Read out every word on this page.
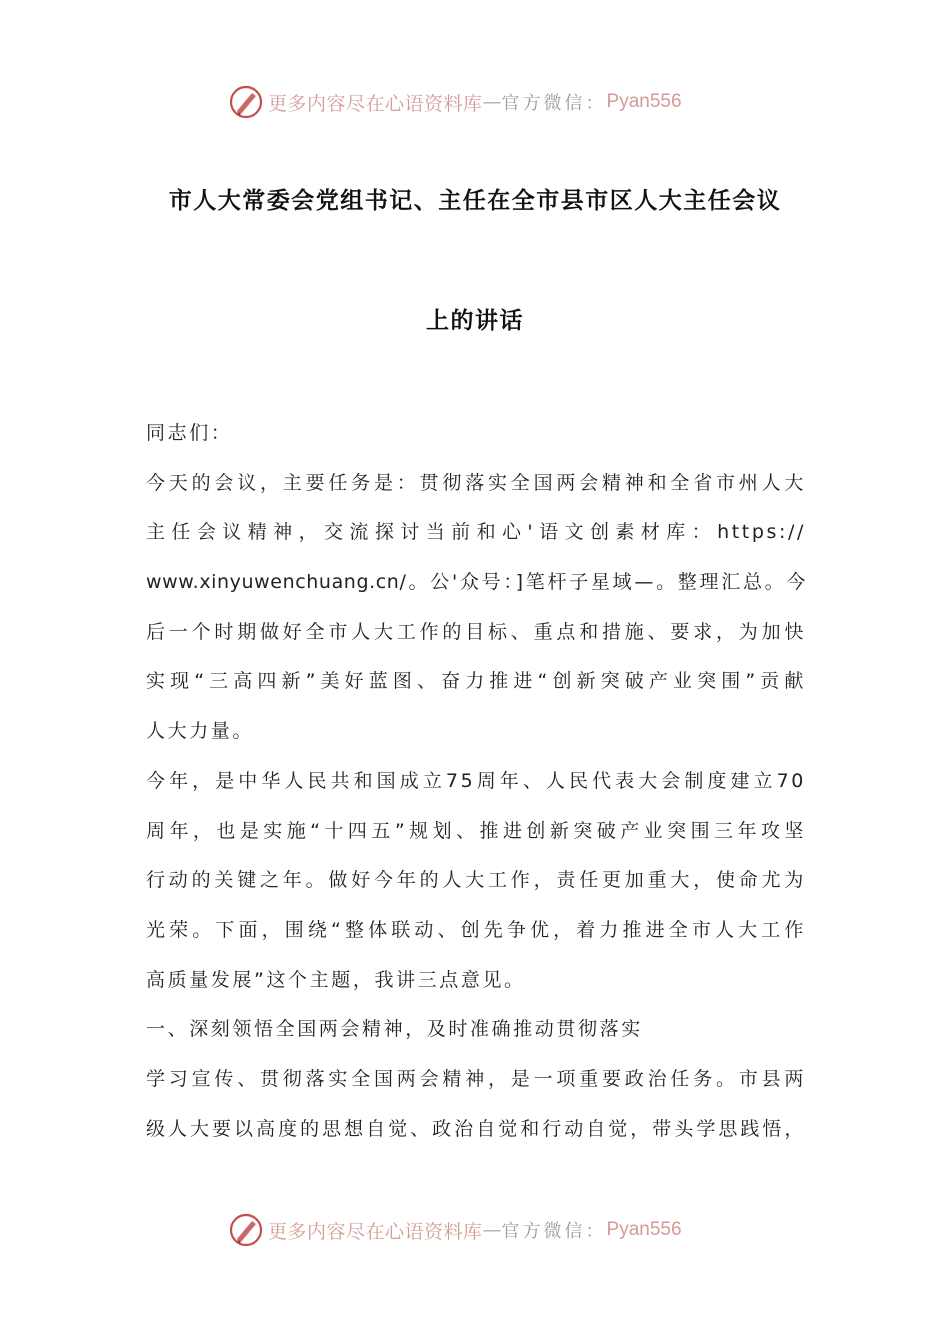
更多内容尽在心语资料库 — 官方微信： Pyan556
市人大常委会党组书记、主任在全市县市区人大主任会议
上的讲话
同志们：
今天的会议，主要任务是：贯彻落实全国两会精神和全省市州人大
主任会议精神，交流探讨当前和心'语文创素材库：https://
www.xinyuwenchuang.cn/。公'众号：]笔杆子星域—。整理汇总。今
后一个时期做好全市人大工作的目标、重点和措施、要求，为加快
实现“三高四新”美好蓝图、奋力推进“创新突破产业突围”贡献
人大力量。
今年，是中华人民共和国成立75周年、人民代表大会制度建立70
周年，也是实施“十四五”规划、推进创新突破产业突围三年攻坚
行动的关键之年。做好今年的人大工作，责任更加重大，使命尤为
光荣。下面，围绕“整体联动、创先争优，着力推进全市人大工作
高质量发展”这个主题，我讲三点意见。
一、深刻领悟全国两会精神，及时准确推动贯彻落实
学习宣传、贯彻落实全国两会精神，是一项重要政治任务。市县两
级人大要以高度的思想自觉、政治自觉和行动自觉，带头学思践悟，
更多内容尽在心语资料库 — 官方微信： Pyan556
